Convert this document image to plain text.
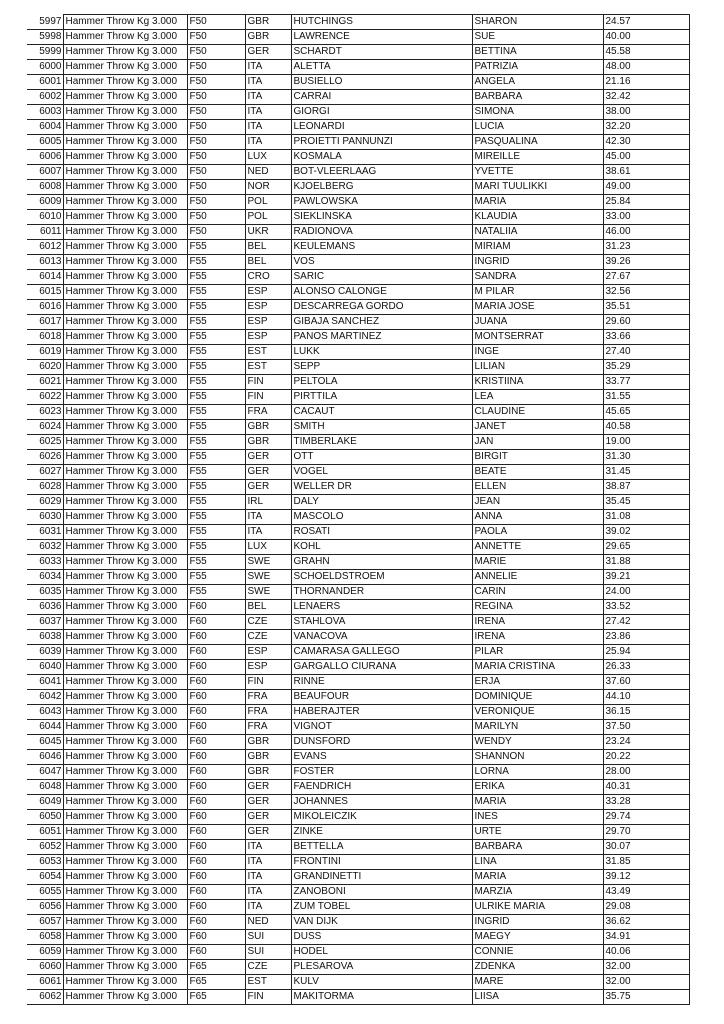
5997	Hammer Throw Kg 3.000	F50	GBR	HUTCHINGS	SHARON	24.57
5998	Hammer Throw Kg 3.000	F50	GBR	LAWRENCE	SUE	40.00
5999	Hammer Throw Kg 3.000	F50	GER	SCHARDT	BETTINA	45.58
6000	Hammer Throw Kg 3.000	F50	ITA	ALETTA	PATRIZIA	48.00
6001	Hammer Throw Kg 3.000	F50	ITA	BUSIELLO	ANGELA	21.16
6002	Hammer Throw Kg 3.000	F50	ITA	CARRAI	BARBARA	32.42
6003	Hammer Throw Kg 3.000	F50	ITA	GIORGI	SIMONA	38.00
6004	Hammer Throw Kg 3.000	F50	ITA	LEONARDI	LUCIA	32.20
6005	Hammer Throw Kg 3.000	F50	ITA	PROIETTI PANNUNZI	PASQUALINA	42.30
6006	Hammer Throw Kg 3.000	F50	LUX	KOSMALA	MIREILLE	45.00
6007	Hammer Throw Kg 3.000	F50	NED	BOT-VLEERLAAG	YVETTE	38.61
6008	Hammer Throw Kg 3.000	F50	NOR	KJOELBERG	MARI TUULIKKI	49.00
6009	Hammer Throw Kg 3.000	F50	POL	PAWLOWSKA	MARIA	25.84
6010	Hammer Throw Kg 3.000	F50	POL	SIEKLINSKA	KLAUDIA	33.00
6011	Hammer Throw Kg 3.000	F50	UKR	RADIONOVA	NATALIIA	46.00
6012	Hammer Throw Kg 3.000	F55	BEL	KEULEMANS	MIRIAM	31.23
6013	Hammer Throw Kg 3.000	F55	BEL	VOS	INGRID	39.26
6014	Hammer Throw Kg 3.000	F55	CRO	SARIC	SANDRA	27.67
6015	Hammer Throw Kg 3.000	F55	ESP	ALONSO CALONGE	M PILAR	32.56
6016	Hammer Throw Kg 3.000	F55	ESP	DESCARREGA GORDO	MARIA JOSE	35.51
6017	Hammer Throw Kg 3.000	F55	ESP	GIBAJA SANCHEZ	JUANA	29.60
6018	Hammer Throw Kg 3.000	F55	ESP	PANOS MARTINEZ	MONTSERRAT	33.66
6019	Hammer Throw Kg 3.000	F55	EST	LUKK	INGE	27.40
6020	Hammer Throw Kg 3.000	F55	EST	SEPP	LILIAN	35.29
6021	Hammer Throw Kg 3.000	F55	FIN	PELTOLA	KRISTIINA	33.77
6022	Hammer Throw Kg 3.000	F55	FIN	PIRTTILA	LEA	31.55
6023	Hammer Throw Kg 3.000	F55	FRA	CACAUT	CLAUDINE	45.65
6024	Hammer Throw Kg 3.000	F55	GBR	SMITH	JANET	40.58
6025	Hammer Throw Kg 3.000	F55	GBR	TIMBERLAKE	JAN	19.00
6026	Hammer Throw Kg 3.000	F55	GER	OTT	BIRGIT	31.30
6027	Hammer Throw Kg 3.000	F55	GER	VOGEL	BEATE	31.45
6028	Hammer Throw Kg 3.000	F55	GER	WELLER DR	ELLEN	38.87
6029	Hammer Throw Kg 3.000	F55	IRL	DALY	JEAN	35.45
6030	Hammer Throw Kg 3.000	F55	ITA	MASCOLO	ANNA	31.08
6031	Hammer Throw Kg 3.000	F55	ITA	ROSATI	PAOLA	39.02
6032	Hammer Throw Kg 3.000	F55	LUX	KOHL	ANNETTE	29.65
6033	Hammer Throw Kg 3.000	F55	SWE	GRAHN	MARIE	31.88
6034	Hammer Throw Kg 3.000	F55	SWE	SCHOELDSTROEM	ANNELIE	39.21
6035	Hammer Throw Kg 3.000	F55	SWE	THORNANDER	CARIN	24.00
6036	Hammer Throw Kg 3.000	F60	BEL	LENAERS	REGINA	33.52
6037	Hammer Throw Kg 3.000	F60	CZE	STAHLOVA	IRENA	27.42
6038	Hammer Throw Kg 3.000	F60	CZE	VANACOVA	IRENA	23.86
6039	Hammer Throw Kg 3.000	F60	ESP	CAMARASA GALLEGO	PILAR	25.94
6040	Hammer Throw Kg 3.000	F60	ESP	GARGALLO CIURANA	MARIA CRISTINA	26.33
6041	Hammer Throw Kg 3.000	F60	FIN	RINNE	ERJA	37.60
6042	Hammer Throw Kg 3.000	F60	FRA	BEAUFOUR	DOMINIQUE	44.10
6043	Hammer Throw Kg 3.000	F60	FRA	HABERAJTER	VERONIQUE	36.15
6044	Hammer Throw Kg 3.000	F60	FRA	VIGNOT	MARILYN	37.50
6045	Hammer Throw Kg 3.000	F60	GBR	DUNSFORD	WENDY	23.24
6046	Hammer Throw Kg 3.000	F60	GBR	EVANS	SHANNON	20.22
6047	Hammer Throw Kg 3.000	F60	GBR	FOSTER	LORNA	28.00
6048	Hammer Throw Kg 3.000	F60	GER	FAENDRICH	ERIKA	40.31
6049	Hammer Throw Kg 3.000	F60	GER	JOHANNES	MARIA	33.28
6050	Hammer Throw Kg 3.000	F60	GER	MIKOLEICZIK	INES	29.74
6051	Hammer Throw Kg 3.000	F60	GER	ZINKE	URTE	29.70
6052	Hammer Throw Kg 3.000	F60	ITA	BETTELLA	BARBARA	30.07
6053	Hammer Throw Kg 3.000	F60	ITA	FRONTINI	LINA	31.85
6054	Hammer Throw Kg 3.000	F60	ITA	GRANDINETTI	MARIA	39.12
6055	Hammer Throw Kg 3.000	F60	ITA	ZANOBONI	MARZIA	43.49
6056	Hammer Throw Kg 3.000	F60	ITA	ZUM TOBEL	ULRIKE MARIA	29.08
6057	Hammer Throw Kg 3.000	F60	NED	VAN DIJK	INGRID	36.62
6058	Hammer Throw Kg 3.000	F60	SUI	DUSS	MAEGY	34.91
6059	Hammer Throw Kg 3.000	F60	SUI	HODEL	CONNIE	40.06
6060	Hammer Throw Kg 3.000	F65	CZE	PLESAROVA	ZDENKA	32.00
6061	Hammer Throw Kg 3.000	F65	EST	KULV	MARE	32.00
6062	Hammer Throw Kg 3.000	F65	FIN	MAKITORMA	LIISA	35.75
